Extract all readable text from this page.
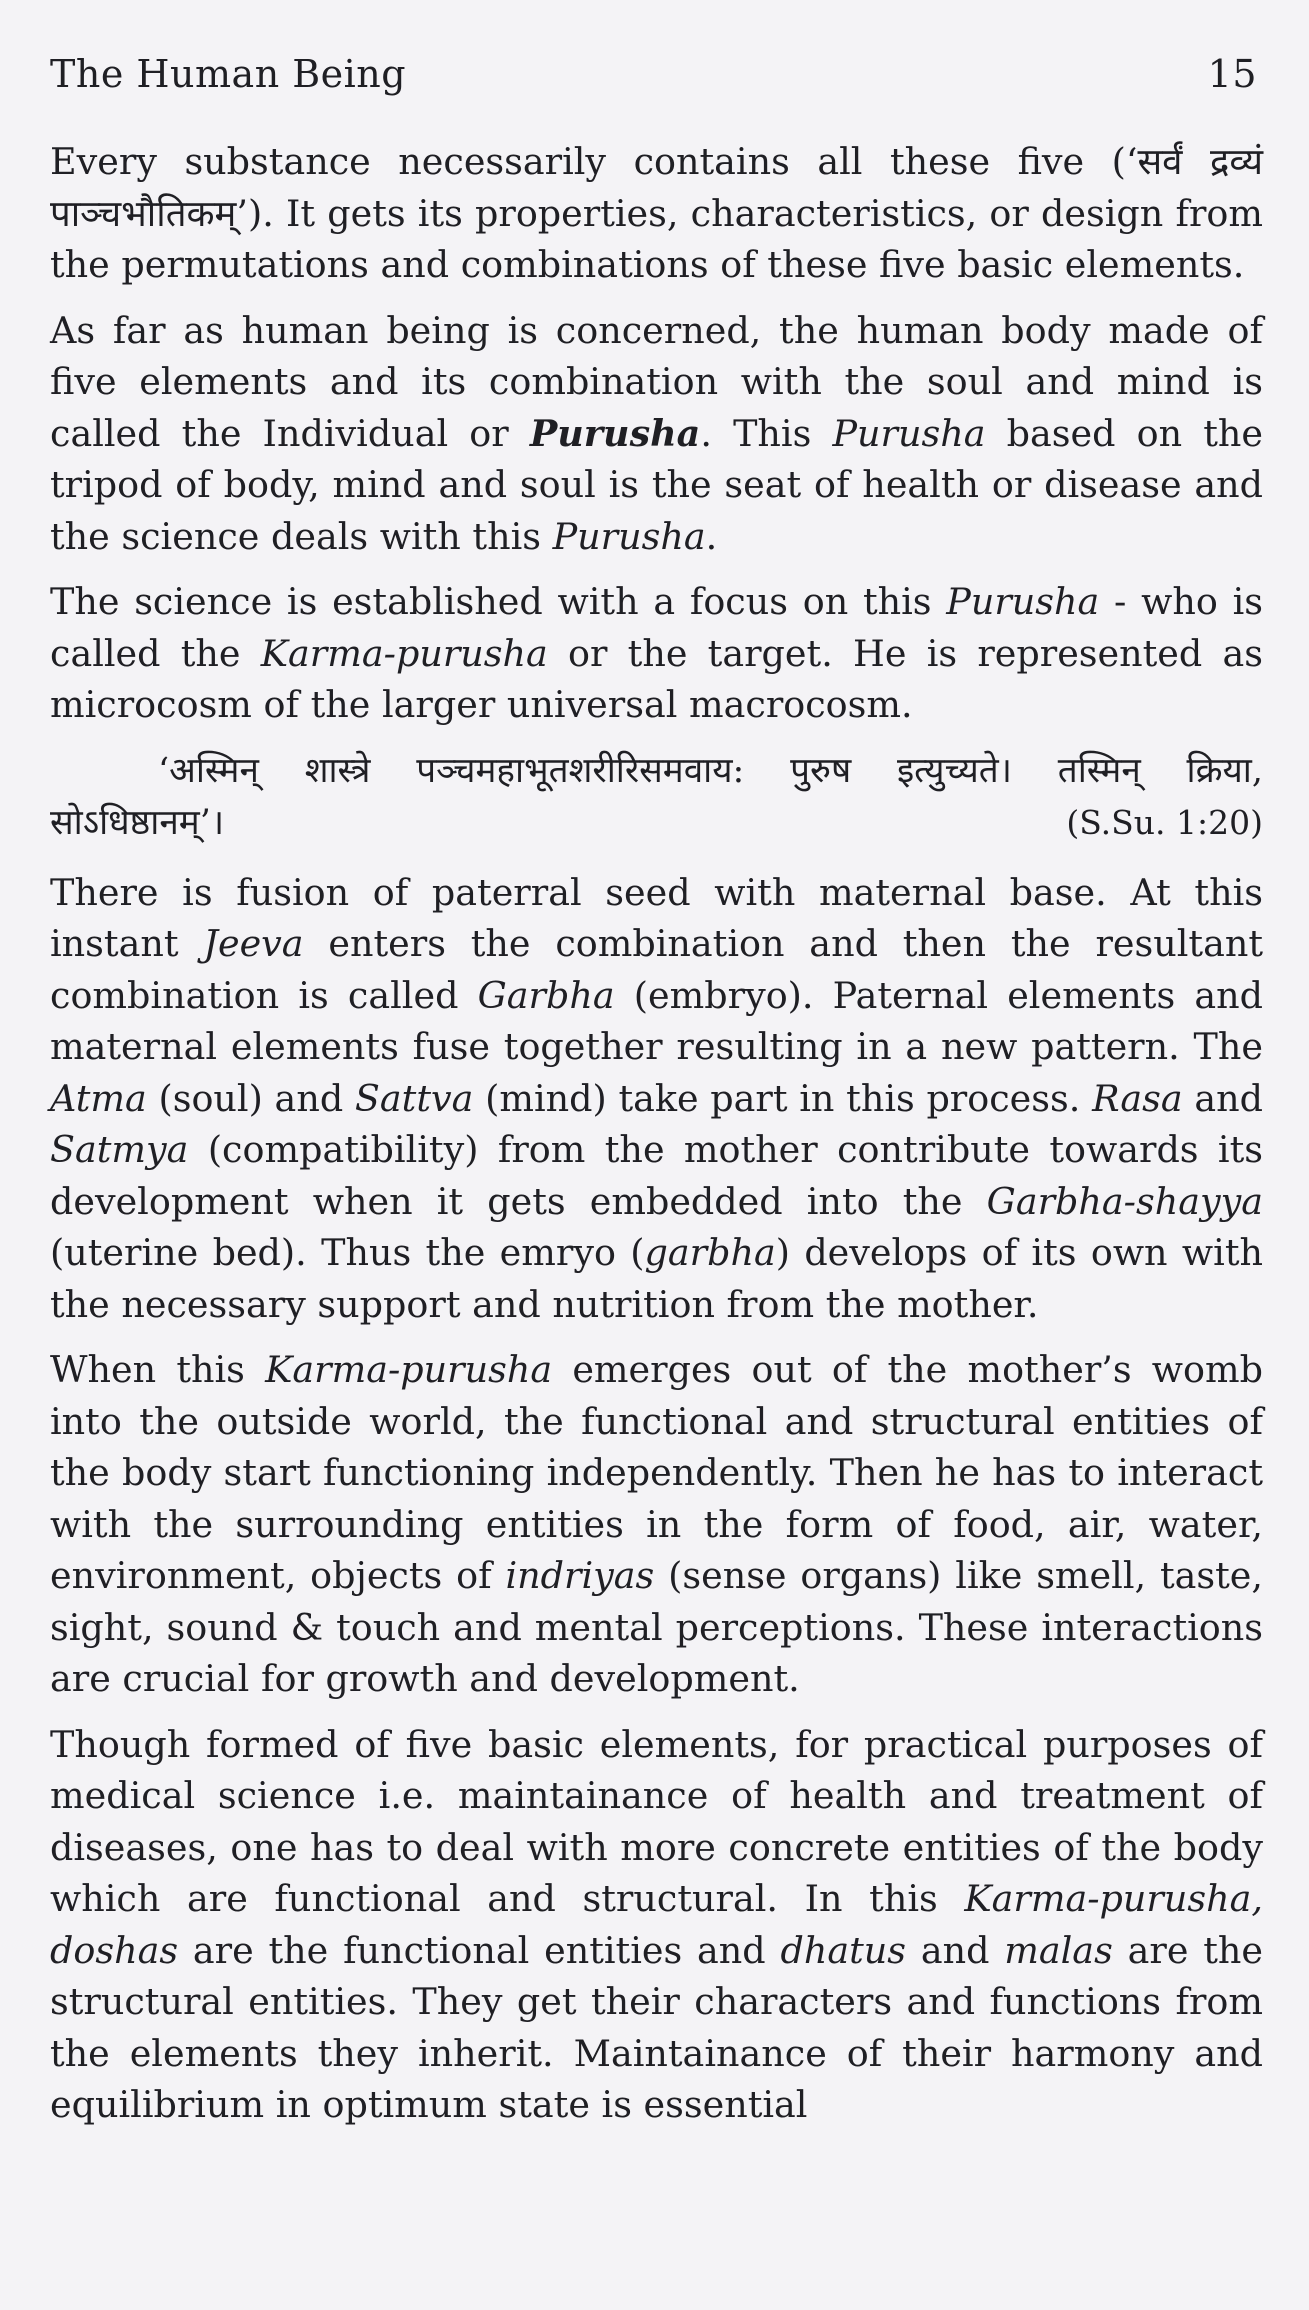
The Human Being	15

Every substance necessarily contains all these five (‘सर्वं द्रव्यं पाञ्चभौतिकम्’). It gets its properties, characteristics, or design from the permutations and combinations of these five basic elements.

As far as human being is concerned, the human body made of five elements and its combination with the soul and mind is called the Individual or Purusha. This Purusha based on the tripod of body, mind and soul is the seat of health or disease and the science deals with this Purusha.

The science is established with a focus on this Purusha - who is called the Karma-purusha or the target. He is represented as microcosm of the larger universal macrocosm.

‘अस्मिन् शास्त्रे पञ्चमहाभूतशरीरिसमवाय: पुरुष इत्युच्यते। तस्मिन् क्रिया,
सोऽधिष्ठानम्’।	(S.Su. 1:20)

There is fusion of paterral seed with maternal base. At this instant Jeeva enters the combination and then the resultant combination is called Garbha (embryo). Paternal elements and maternal elements fuse together resulting in a new pattern. The Atma (soul) and Sattva (mind) take part in this process. Rasa and Satmya (compatibility) from the mother contribute towards its development when it gets embedded into the Garbha-shayya (uterine bed). Thus the emryo (garbha) develops of its own with the necessary support and nutrition from the mother.

When this Karma-purusha emerges out of the mother’s womb into the outside world, the functional and structural entities of the body start functioning independently. Then he has to interact with the surrounding entities in the form of food, air, water, environment, objects of indriyas (sense organs) like smell, taste, sight, sound & touch and mental perceptions. These interactions are crucial for growth and development.

Though formed of five basic elements, for practical purposes of medical science i.e. maintainance of health and treatment of diseases, one has to deal with more concrete entities of the body which are functional and structural. In this Karma-purusha, doshas are the functional entities and dhatus and malas are the structural entities. They get their characters and functions from the elements they inherit. Maintainance of their harmony and equilibrium in optimum state is essential
